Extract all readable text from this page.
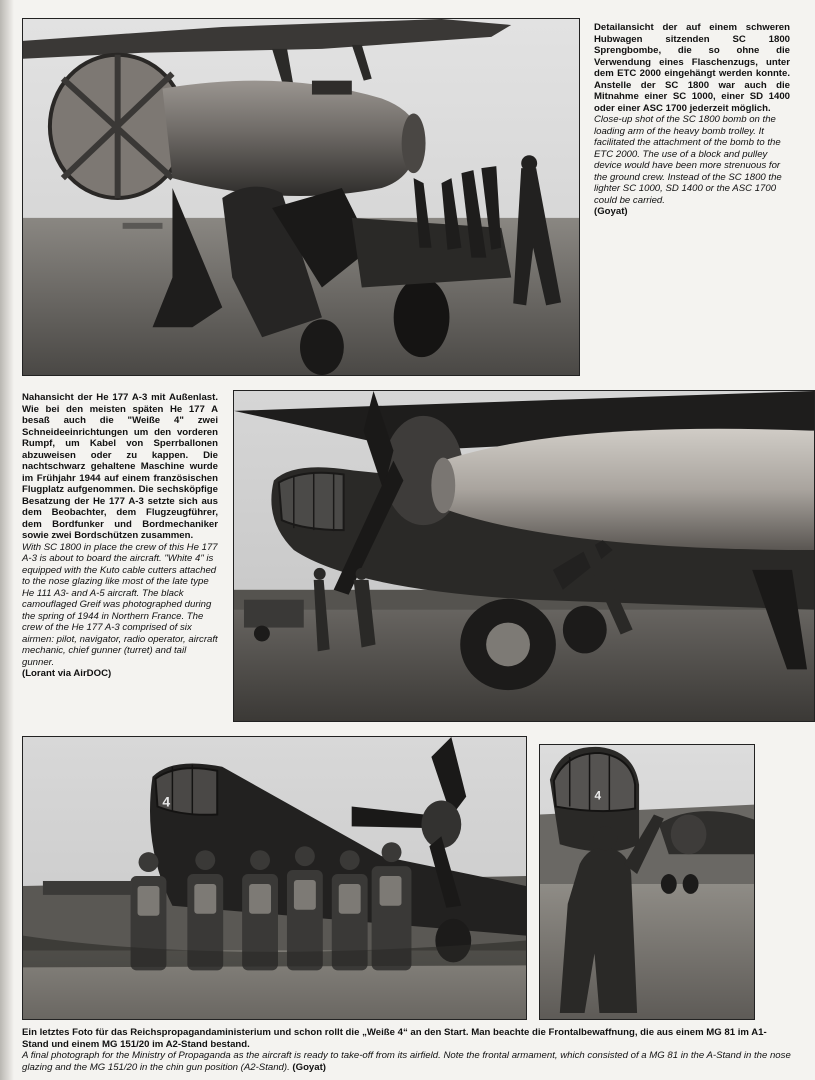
Detailansicht der auf einem schweren Hubwagen sitzenden SC 1800 Sprengbombe, die so ohne die Verwendung eines Flaschenzugs, unter dem ETC 2000 eingehängt werden konnte. Anstelle der SC 1800 war auch die Mitnahme einer SC 1000, einer SD 1400 oder einer ASC 1700 jederzeit möglich.

Close-up shot of the SC 1800 bomb on the loading arm of the heavy bomb trolley. It facilitated the attachment of the bomb to the ETC 2000. The use of a block and pulley device would have been more strenuous for the ground crew. Instead of the SC 1800 the lighter SC 1000, SD 1400 or the ASC 1700 could be carried.

(Goyat)

Nahansicht der He 177 A-3 mit Außenlast. Wie bei den meisten späten He 177 A besaß auch die "Weiße 4" zwei Schneideeinrichtungen um den vorderen Rumpf, um Kabel von Sperrballonen abzuweisen oder zu kappen. Die nachtschwarz gehaltene Maschine wurde im Frühjahr 1944 auf einem französischen Flugplatz aufgenommen. Die sechsköpfige Besatzung der He 177 A-3 setzte sich aus dem Beobachter, dem Flugzeugführer, dem Bordfunker und Bordmechaniker sowie zwei Bordschützen zusammen.

With SC 1800 in place the crew of this He 177 A-3 is about to board the aircraft. "White 4" is equipped with the Kuto cable cutters attached to the nose glazing like most of the late type He 111 A3- and A-5 aircraft. The black camouflaged Greif was photographed during the spring of 1944 in Northern France. The crew of the He 177 A-3 comprised of six airmen: pilot, navigator, radio operator, aircraft mechanic, chief gunner (turret) and tail gunner.

(Lorant via AirDOC)

4	4

Ein letztes Foto für das Reichspropagandaministerium und schon rollt die „Weiße 4“ an den Start. Man beachte die Frontalbewaffnung, die aus einem MG 81 im A1-Stand und einem MG 151/20 im A2-Stand bestand.

A final photograph for the Ministry of Propaganda as the aircraft is ready to take-off from its airfield. Note the frontal armament, which consisted of a MG 81 in the A-Stand in the nose glazing and the MG 151/20 in the chin gun position (A2-Stand). (Goyat)
